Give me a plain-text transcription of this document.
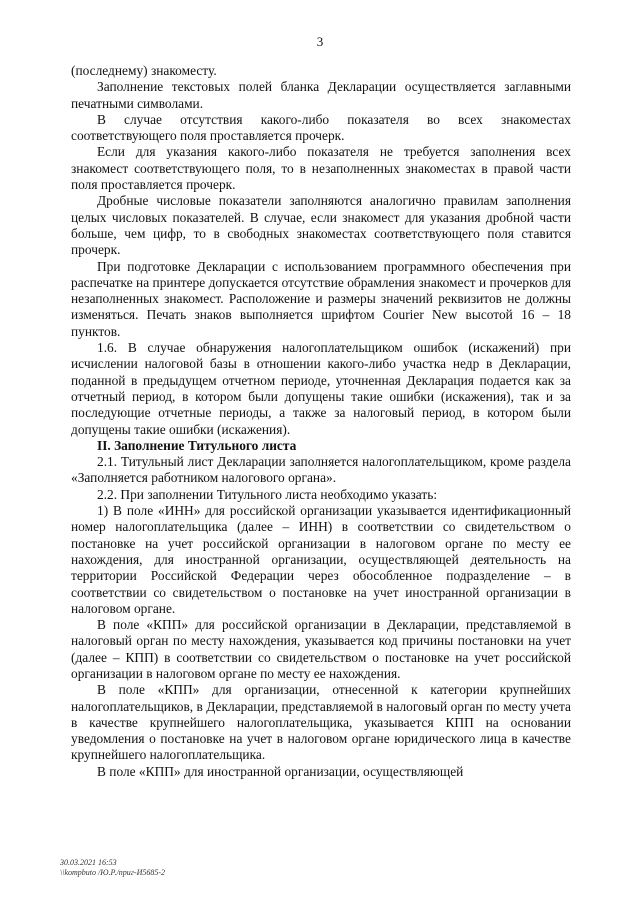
3

(последнему) знакоместу.

Заполнение текстовых полей бланка Декларации осуществляется заглавными печатными символами.

В случае отсутствия какого-либо показателя во всех знакоместах соответствующего поля проставляется прочерк.

Если для указания какого-либо показателя не требуется заполнения всех знакомест соответствующего поля, то в незаполненных знакоместах в правой части поля проставляется прочерк.

Дробные числовые показатели заполняются аналогично правилам заполнения целых числовых показателей. В случае, если знакомест для указания дробной части больше, чем цифр, то в свободных знакоместах соответствующего поля ставится прочерк.

При подготовке Декларации с использованием программного обеспечения при распечатке на принтере допускается отсутствие обрамления знакомест и прочерков для незаполненных знакомест. Расположение и размеры значений реквизитов не должны изменяться. Печать знаков выполняется шрифтом Courier New высотой 16 – 18 пунктов.

1.6. В случае обнаружения налогоплательщиком ошибок (искажений) при исчислении налоговой базы в отношении какого-либо участка недр в Декларации, поданной в предыдущем отчетном периоде, уточненная Декларация подается как за отчетный период, в котором были допущены такие ошибки (искажения), так и за последующие отчетные периоды, а также за налоговый период, в котором были допущены такие ошибки (искажения).

II. Заполнение Титульного листа

2.1. Титульный лист Декларации заполняется налогоплательщиком, кроме раздела «Заполняется работником налогового органа».

2.2. При заполнении Титульного листа необходимо указать:

1) В поле «ИНН» для российской организации указывается идентификационный номер налогоплательщика (далее – ИНН) в соответствии со свидетельством о постановке на учет российской организации в налоговом органе по месту ее нахождения, для иностранной организации, осуществляющей деятельность на территории Российской Федерации через обособленное подразделение – в соответствии со свидетельством о постановке на учет иностранной организации в налоговом органе.

В поле «КПП» для российской организации в Декларации, представляемой в налоговый орган по месту нахождения, указывается код причины постановки на учет (далее – КПП) в соответствии со свидетельством о постановке на учет российской организации в налоговом органе по месту ее нахождения.

В поле «КПП» для организации, отнесенной к категории крупнейших налогоплательщиков, в Декларации, представляемой в налоговый орган по месту учета в качестве крупнейшего налогоплательщика, указывается КПП на основании уведомления о постановке на учет в налоговом органе юридического лица в качестве крупнейшего налогоплательщика.

В поле «КПП» для иностранной организации, осуществляющей

30.03.2021 16:53
\\kompbuto /Ю.Р./приг-И5685-2
